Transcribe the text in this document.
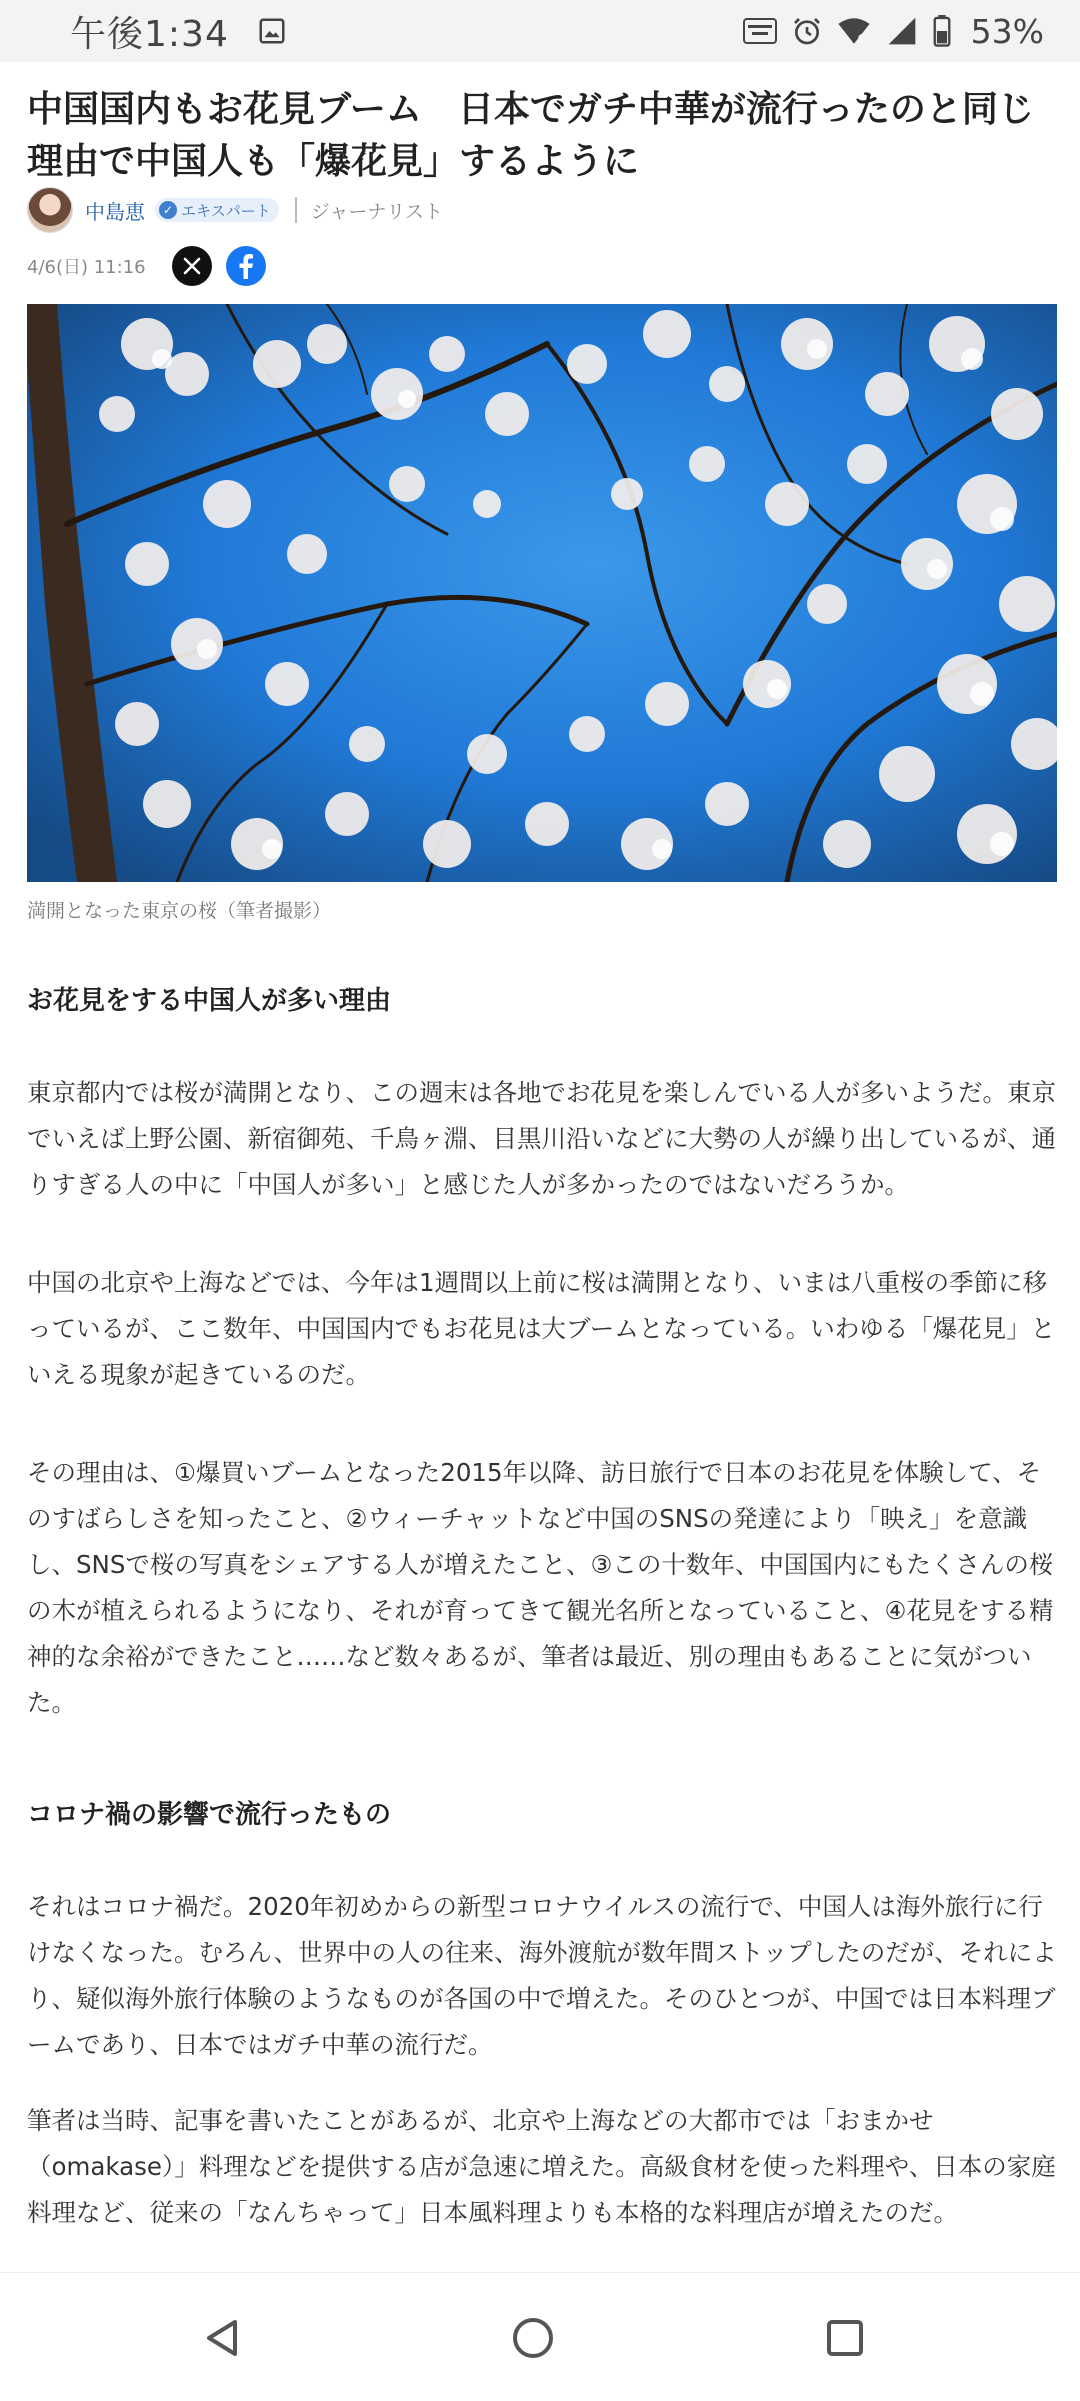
午後1:34	53%
中国国内もお花見ブーム　日本でガチ中華が流行ったのと同じ理由で中国人も「爆花見」するように
中島恵	✓ エキスパート ジャーナリスト
4/6(日) 11:16
満開となった東京の桜（筆者撮影）
お花見をする中国人が多い理由

東京都内では桜が満開となり、この週末は各地でお花見を楽しんでいる人が多いようだ。東京でいえば上野公園、新宿御苑、千鳥ヶ淵、目黒川沿いなどに大勢の人が繰り出しているが、通りすぎる人の中に「中国人が多い」と感じた人が多かったのではないだろうか。

中国の北京や上海などでは、今年は1週間以上前に桜は満開となり、いまは八重桜の季節に移っているが、ここ数年、中国国内でもお花見は大ブームとなっている。いわゆる「爆花見」といえる現象が起きているのだ。

その理由は、①爆買いブームとなった2015年以降、訪日旅行で日本のお花見を体験して、そのすばらしさを知ったこと、②ウィーチャットなど中国のSNSの発達により「映え」を意識し、SNSで桜の写真をシェアする人が増えたこと、③この十数年、中国国内にもたくさんの桜の木が植えられるようになり、それが育ってきて観光名所となっていること、④花見をする精神的な余裕ができたこと……など数々あるが、筆者は最近、別の理由もあることに気がついた。

コロナ禍の影響で流行ったもの

それはコロナ禍だ。2020年初めからの新型コロナウイルスの流行で、中国人は海外旅行に行けなくなった。むろん、世界中の人の往来、海外渡航が数年間ストップしたのだが、それにより、疑似海外旅行体験のようなものが各国の中で増えた。そのひとつが、中国では日本料理ブームであり、日本ではガチ中華の流行だ。

筆者は当時、記事を書いたことがあるが、北京や上海などの大都市では「おまかせ（omakase）」料理などを提供する店が急速に増えた。高級食材を使った料理や、日本の家庭料理など、従来の「なんちゃって」日本風料理よりも本格的な料理店が増えたのだ。
